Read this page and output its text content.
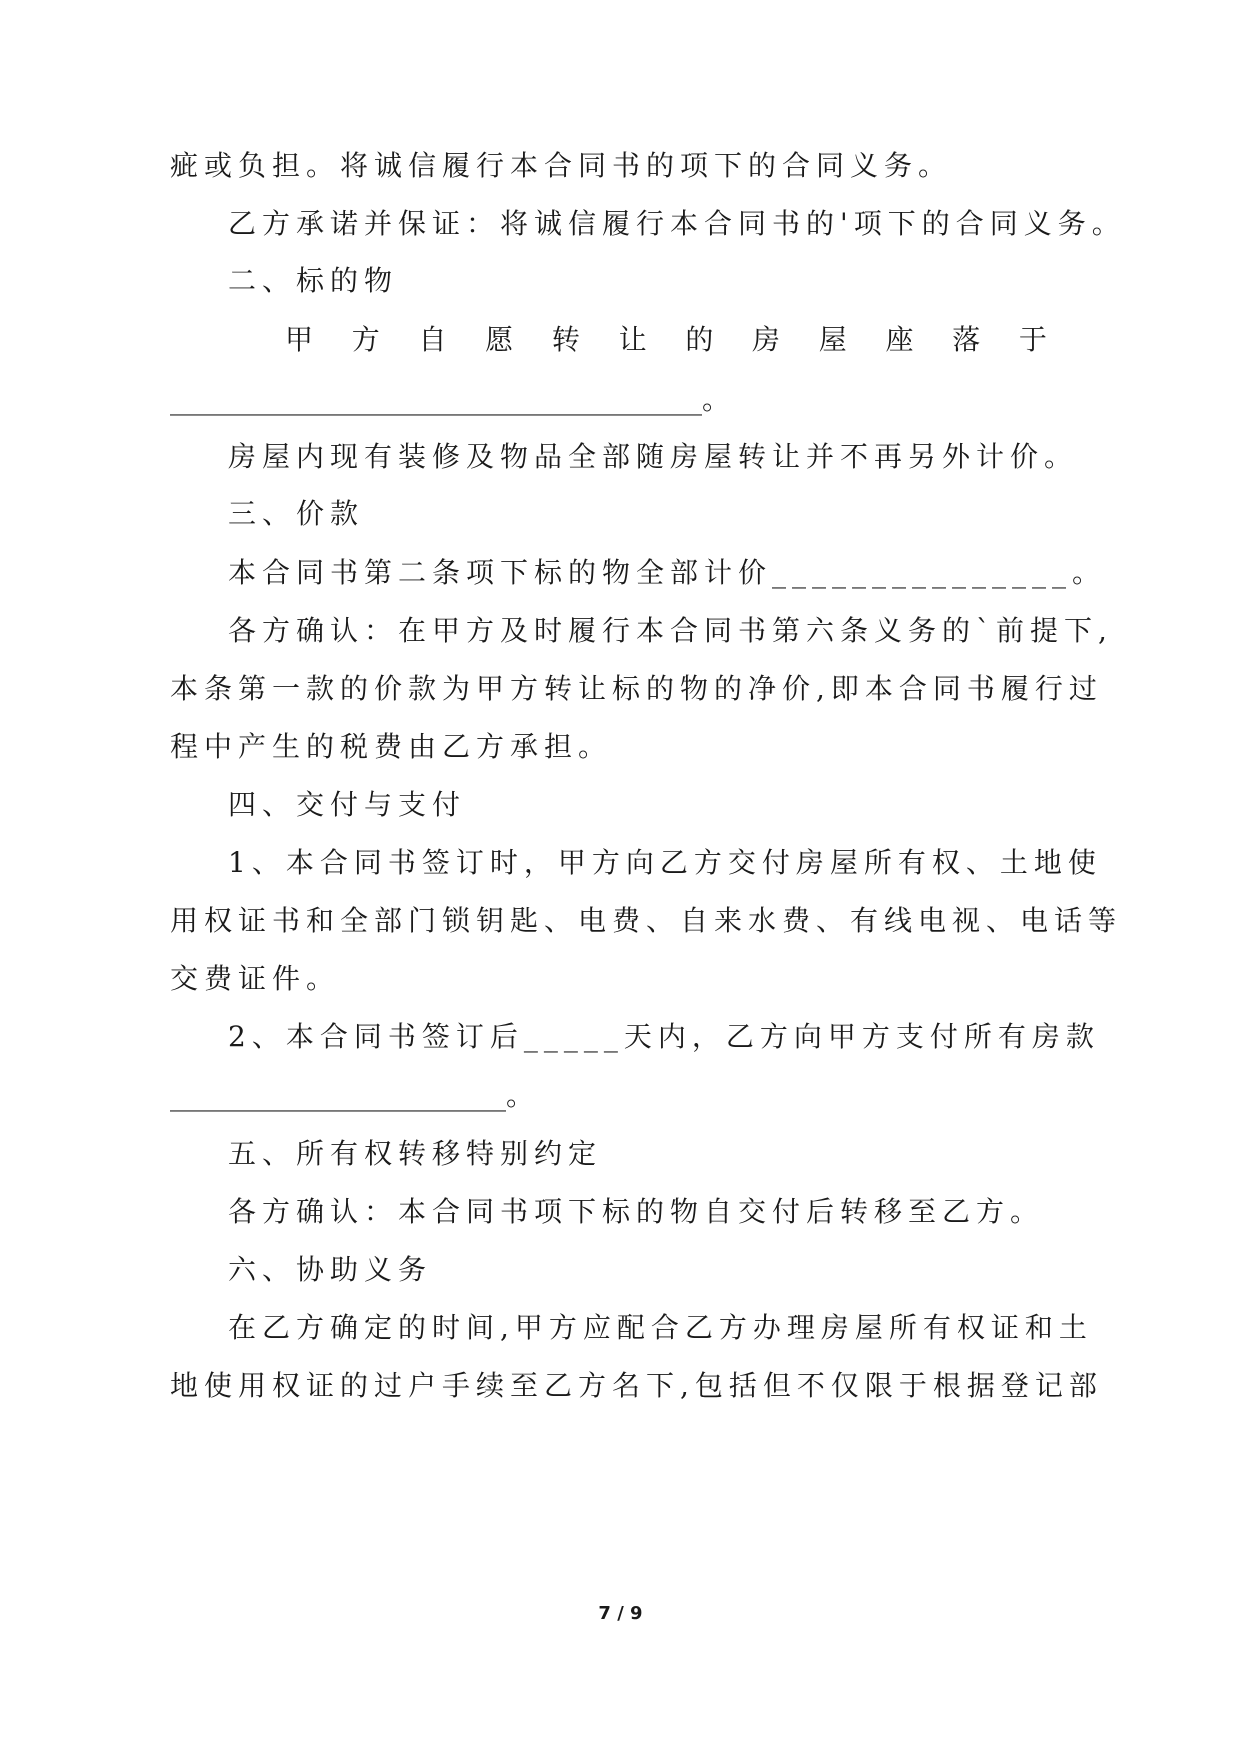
疵或负担。将诚信履行本合同书的项下的合同义务。
乙方承诺并保证：将诚信履行本合同书的'项下的合同义务。
二、标的物
甲 方 自 愿 转 让 的 房 屋 座 落 于
______________________________________。
房屋内现有装修及物品全部随房屋转让并不再另外计价。
三、价款
本合同书第二条项下标的物全部计价_______________。
各方确认：在甲方及时履行本合同书第六条义务的`前提下,
本条第一款的价款为甲方转让标的物的净价,即本合同书履行过
程中产生的税费由乙方承担。
四、交付与支付
1、本合同书签订时，甲方向乙方交付房屋所有权、土地使
用权证书和全部门锁钥匙、电费、自来水费、有线电视、电话等
交费证件。
2、本合同书签订后_____天内，乙方向甲方支付所有房款
________________________。
五、所有权转移特别约定
各方确认：本合同书项下标的物自交付后转移至乙方。
六、协助义务
在乙方确定的时间,甲方应配合乙方办理房屋所有权证和土
地使用权证的过户手续至乙方名下,包括但不仅限于根据登记部
7 / 9
